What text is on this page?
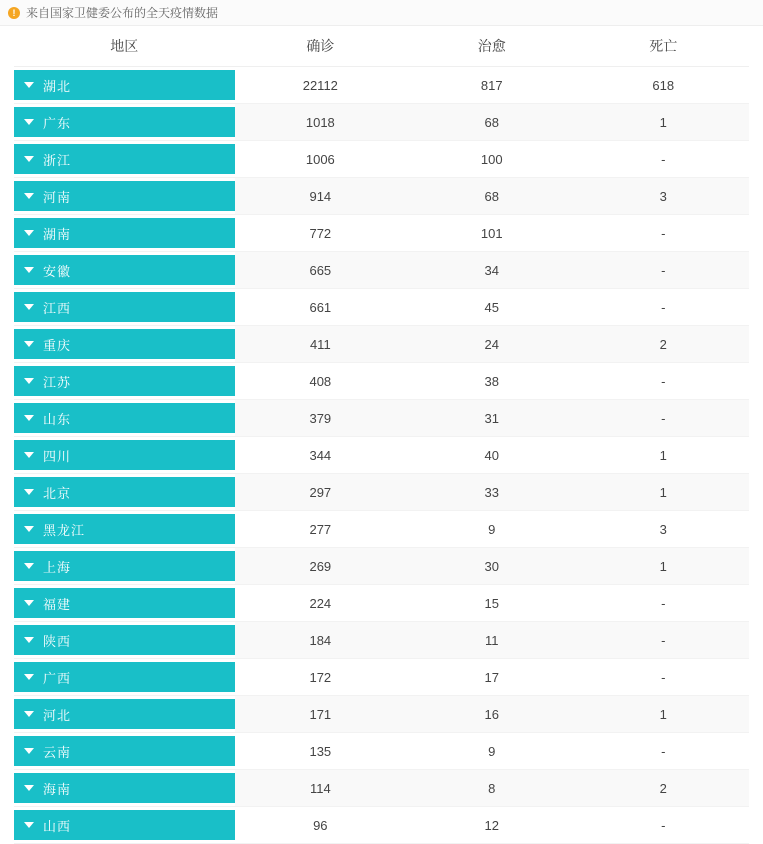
! 来自国家卫健委公布的全天疫情数据
地区	确诊	治愈	死亡

湖北	22112	817	618

广东	1018	68	1

浙江	1006	100	-

河南	914	68	3

湖南	772	101	-

安徽	665	34	-

江西	661	45	-

重庆	411	24	2

江苏	408	38	-

山东	379	31	-

四川	344	40	1

北京	297	33	1

黑龙江	277	9	3

上海	269	30	1

福建	224	15	-

陕西	184	11	-

广西	172	17	-

河北	171	16	1

云南	135	9	-

海南	114	8	2

山西	96	12	-
